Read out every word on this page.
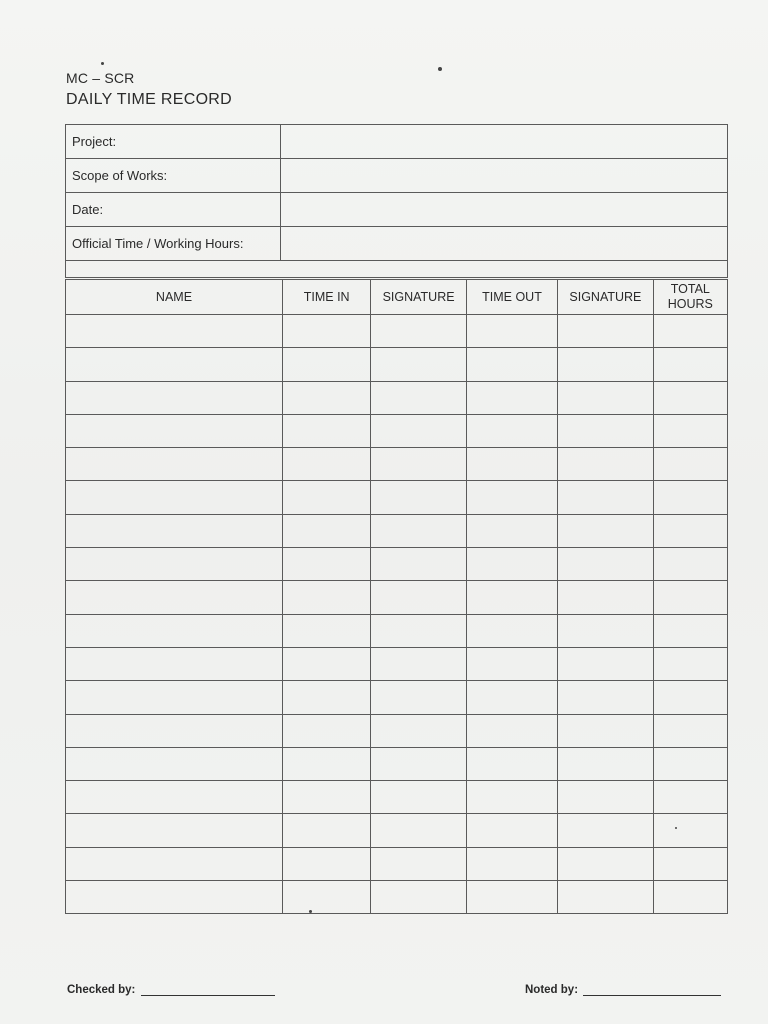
MC – SCR
DAILY TIME RECORD
Project:	
Scope of Works:	
Date:	
Official Time / Working Hours:	

NAME	TIME IN	SIGNATURE	TIME OUT	SIGNATURE	TOTAL HOURS

Checked by:	Noted by:
